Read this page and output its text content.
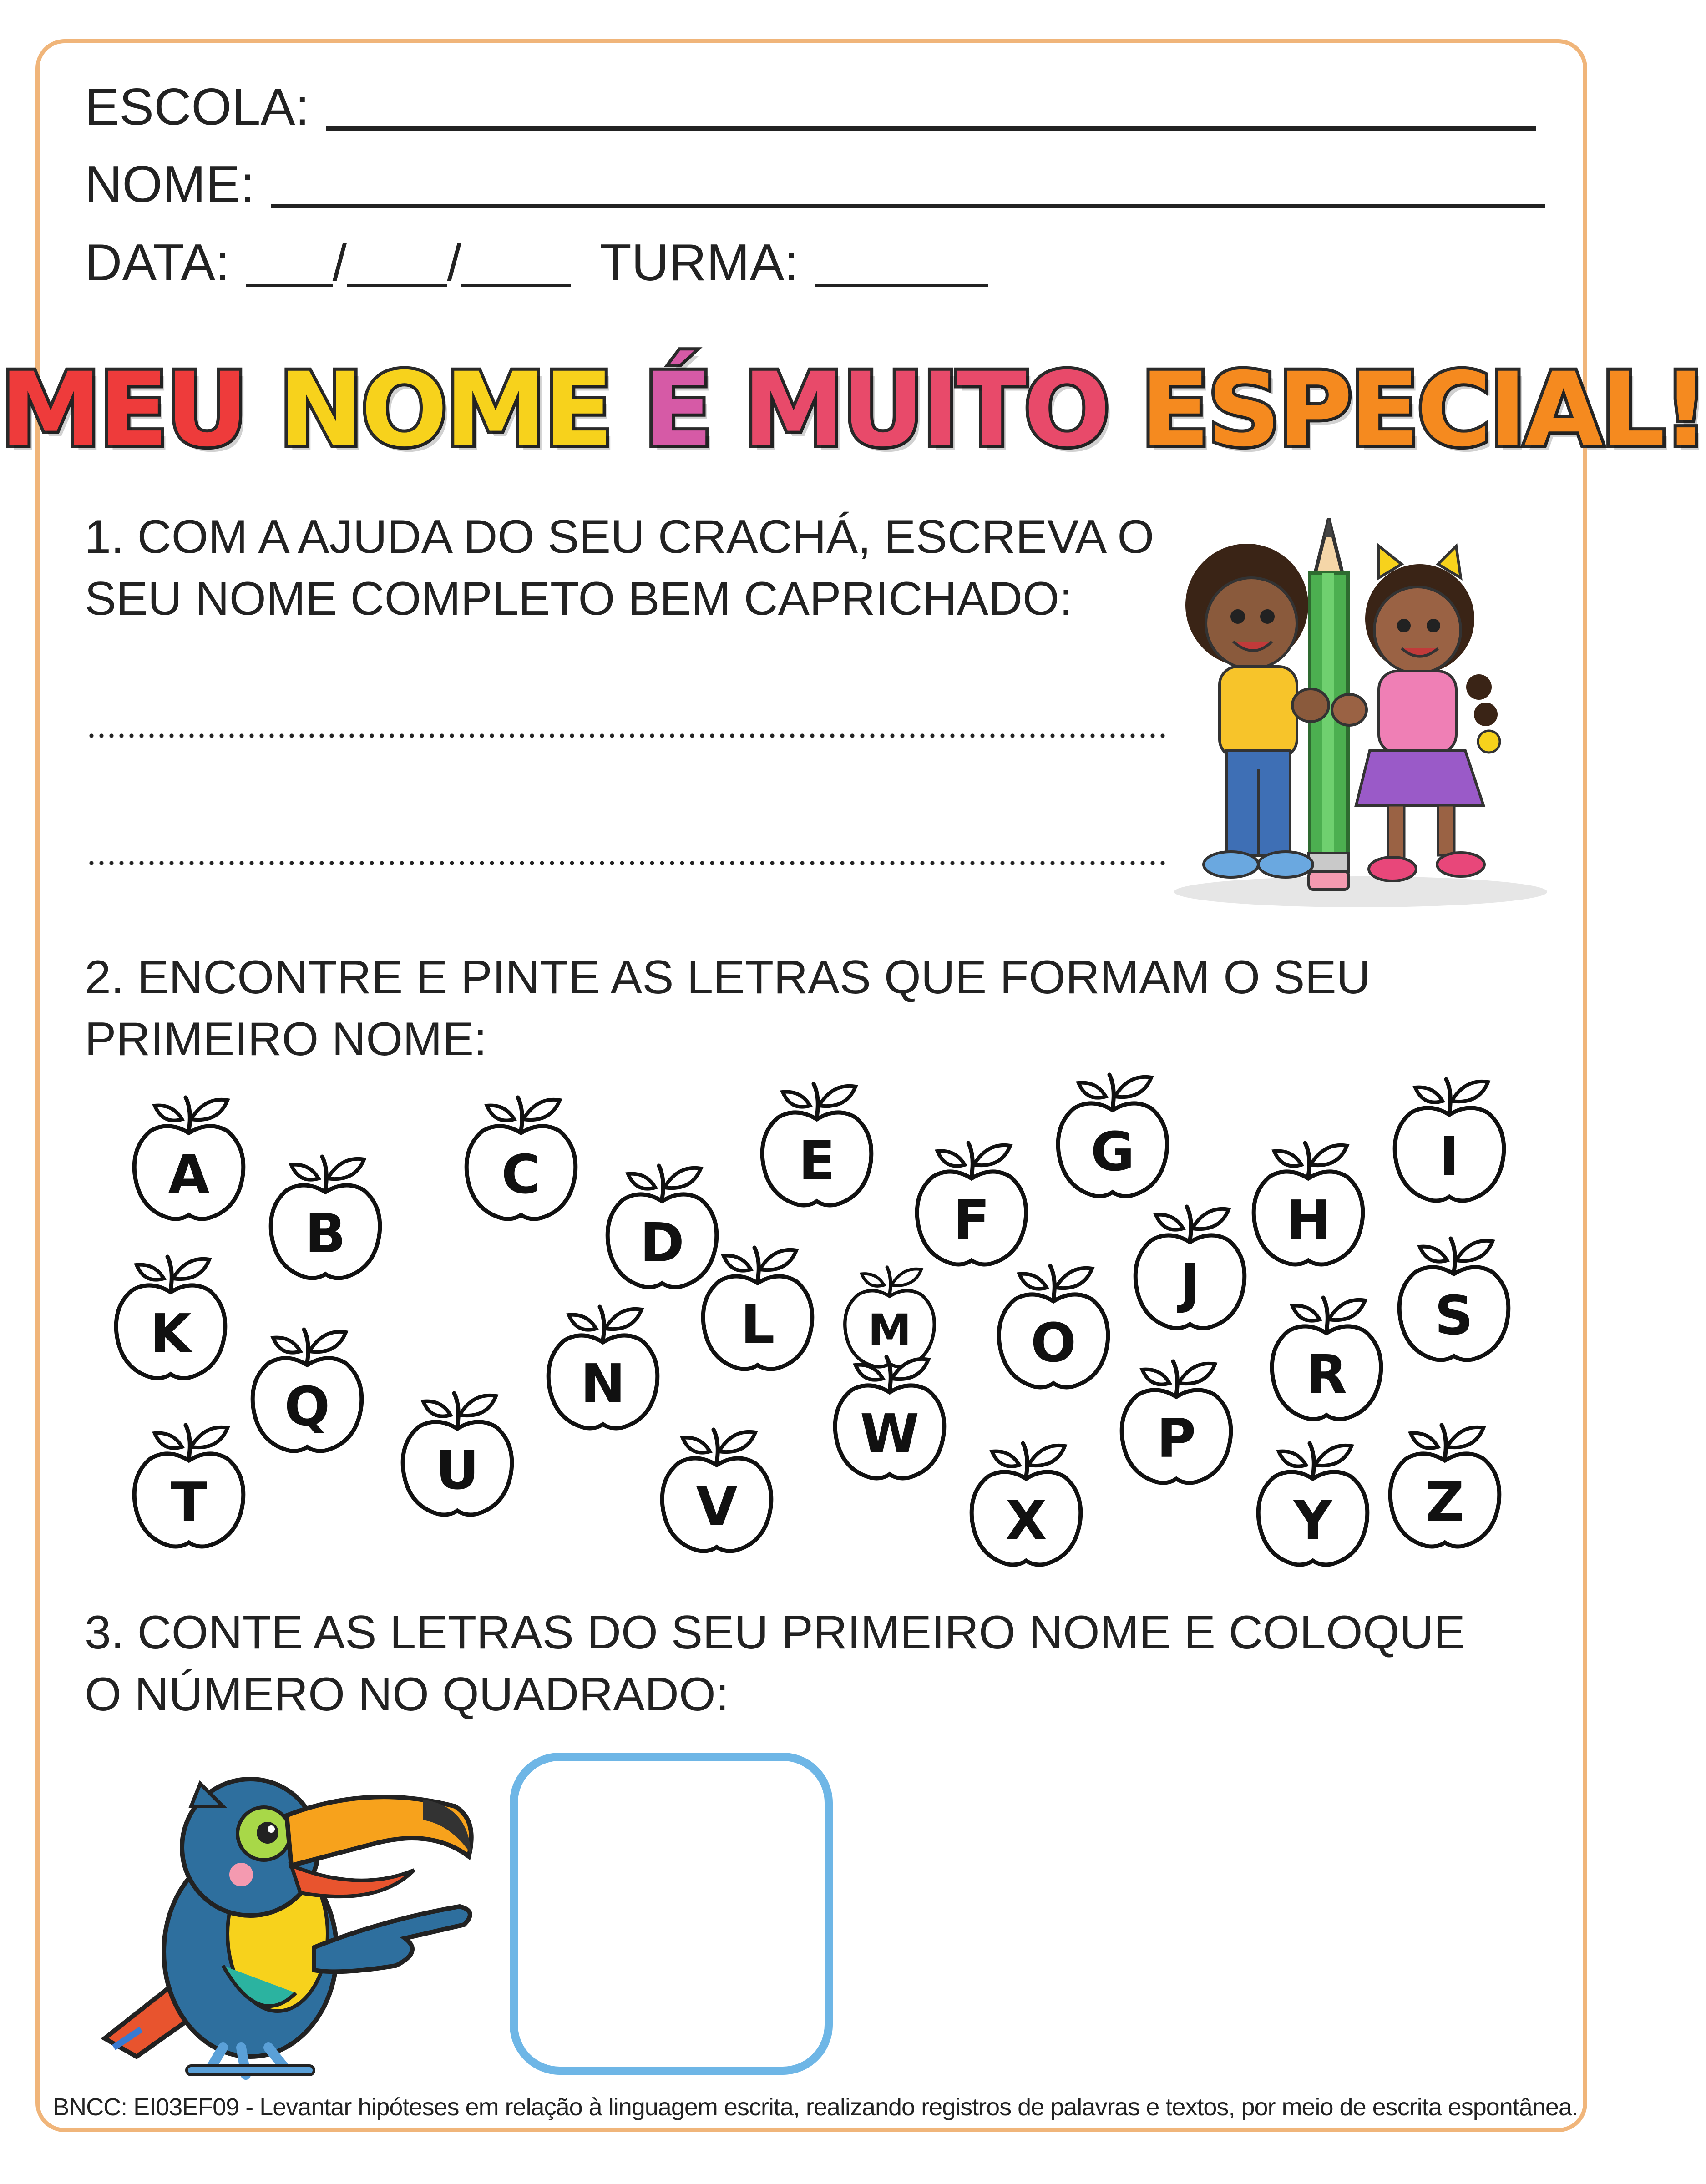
ESCOLA:
NOME:
DATA: / /	TURMA:
MEU NOME É MUITO ESPECIAL!
1. COM A AJUDA DO SEU CRACHÁ, ESCREVA O
SEU NOME COMPLETO BEM CAPRICHADO:
2. ENCONTRE E PINTE AS LETRAS QUE FORMAM O SEU
PRIMEIRO NOME:
A
B
C
D
E
F
G
H
I
J
K	L	M
N
O
P
Q
R
S
T
U
V
W
X	Y	Z
3. CONTE AS LETRAS DO SEU PRIMEIRO NOME E COLOQUE
O NÚMERO NO QUADRADO:
BNCC: EI03EF09 - Levantar hipóteses em relação à linguagem escrita, realizando registros de palavras e textos, por meio de escrita espontânea.
